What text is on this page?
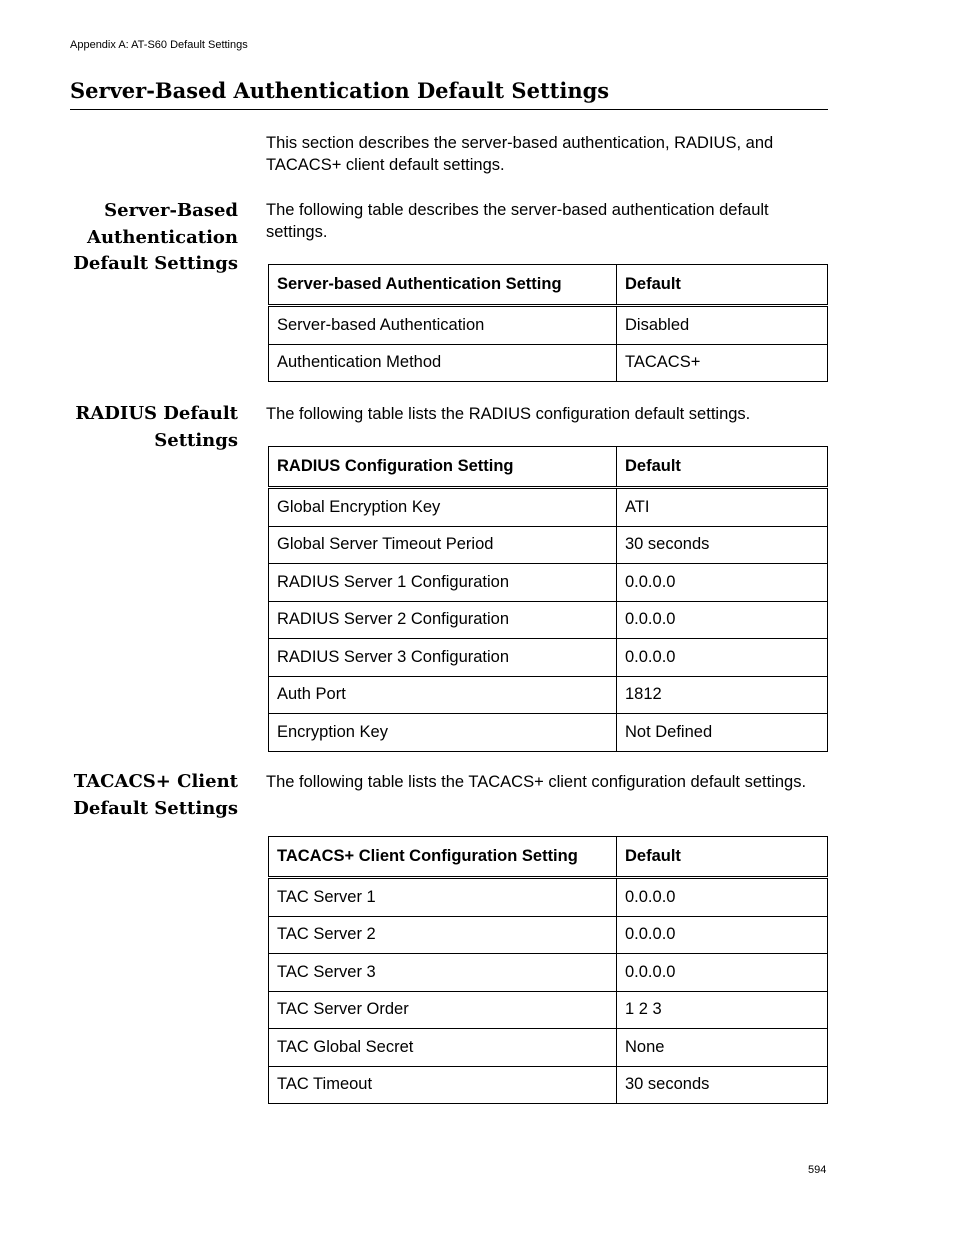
Appendix A: AT-S60 Default Settings
Server-Based Authentication Default Settings

This section describes the server-based authentication, RADIUS, and TACACS+ client default settings.

Server-Based Authentication Default Settings

The following table describes the server-based authentication default settings.

Server-based Authentication Setting	Default
Server-based Authentication	Disabled
Authentication Method	TACACS+
RADIUS Default Settings

The following table lists the RADIUS configuration default settings.

RADIUS Configuration Setting	Default
Global Encryption Key	ATI
Global Server Timeout Period	30 seconds
RADIUS Server 1 Configuration	0.0.0.0
RADIUS Server 2 Configuration	0.0.0.0
RADIUS Server 3 Configuration	0.0.0.0
Auth Port	1812
Encryption Key	Not Defined
TACACS+ Client Default Settings

The following table lists the TACACS+ client configuration default settings.

TACACS+ Client Configuration Setting	Default
TAC Server 1	0.0.0.0
TAC Server 2	0.0.0.0
TAC Server 3	0.0.0.0
TAC Server Order	1 2 3
TAC Global Secret	None
TAC Timeout	30 seconds
594
